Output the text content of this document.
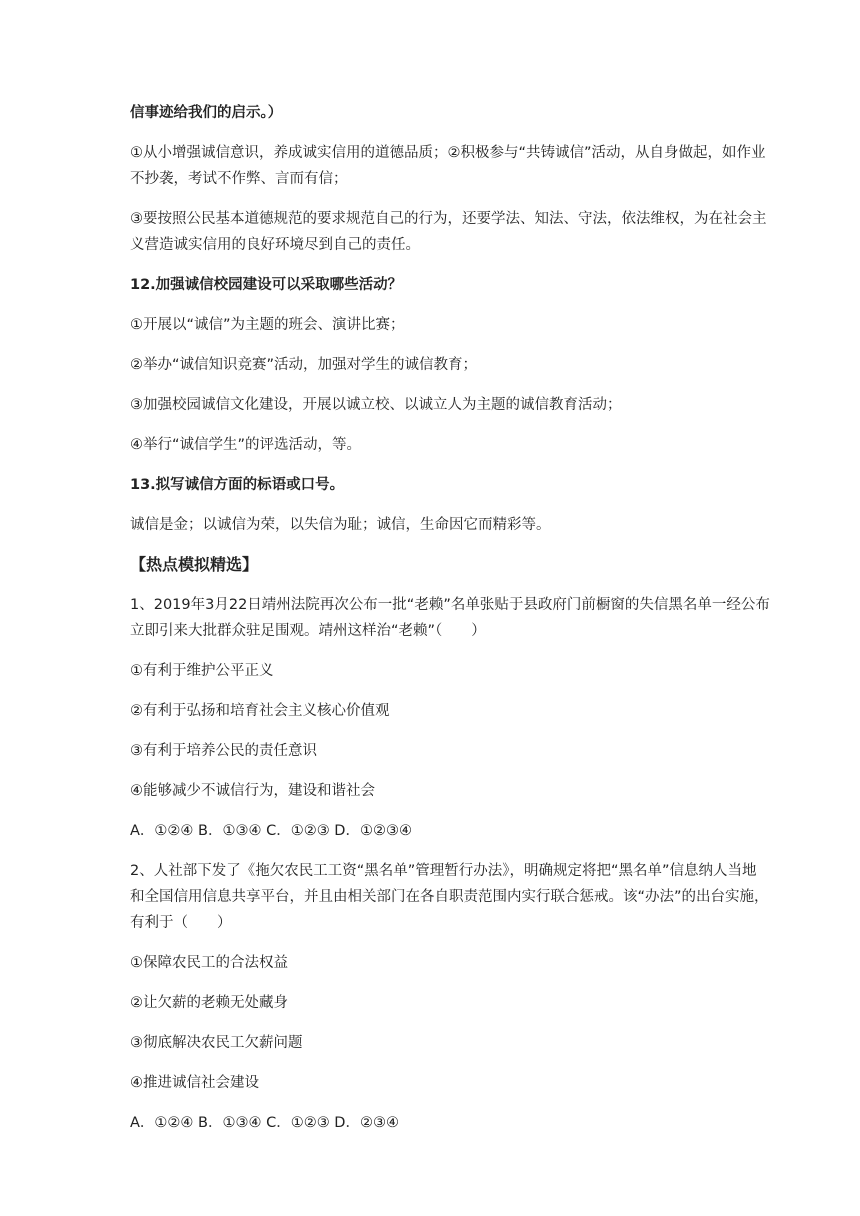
信事迹给我们的启示。）

①从小增强诚信意识，养成诚实信用的道德品质；②积极参与“共铸诚信”活动，从自身做起，如作业不抄袭，考试不作弊、言而有信；

③要按照公民基本道德规范的要求规范自己的行为，还要学法、知法、守法，依法维权，为在社会主义营造诚实信用的良好环境尽到自己的责任。

12.加强诚信校园建设可以采取哪些活动？

①开展以“诚信”为主题的班会、演讲比赛；

②举办“诚信知识竞赛”活动，加强对学生的诚信教育；

③加强校园诚信文化建设，开展以诚立校、以诚立人为主题的诚信教育活动；

④举行“诚信学生”的评选活动，等。

13.拟写诚信方面的标语或口号。

诚信是金；以诚信为荣，以失信为耻；诚信，生命因它而精彩等。

【热点模拟精选】

1、2019年3月22日靖州法院再次公布一批“老赖”名单张贴于县政府门前橱窗的失信黑名单一经公布立即引来大批群众驻足围观。靖州这样治“老赖”（　　）

①有利于维护公平正义

②有利于弘扬和培育社会主义核心价值观

③有利于培养公民的责任意识

④能够减少不诚信行为，建设和谐社会

A．①②④ B．①③④ C．①②③ D．①②③④

2、人社部下发了《拖欠农民工工资“黑名单”管理暂行办法》，明确规定将把“黑名单”信息纳人当地和全国信用信息共享平台，并且由相关部门在各自职责范围内实行联合惩戒。该“办法”的出台实施，有利于（　　）

①保障农民工的合法权益

②让欠薪的老赖无处藏身

③彻底解决农民工欠薪问题

④推进诚信社会建设

A．①②④ B．①③④ C．①②③ D．②③④
